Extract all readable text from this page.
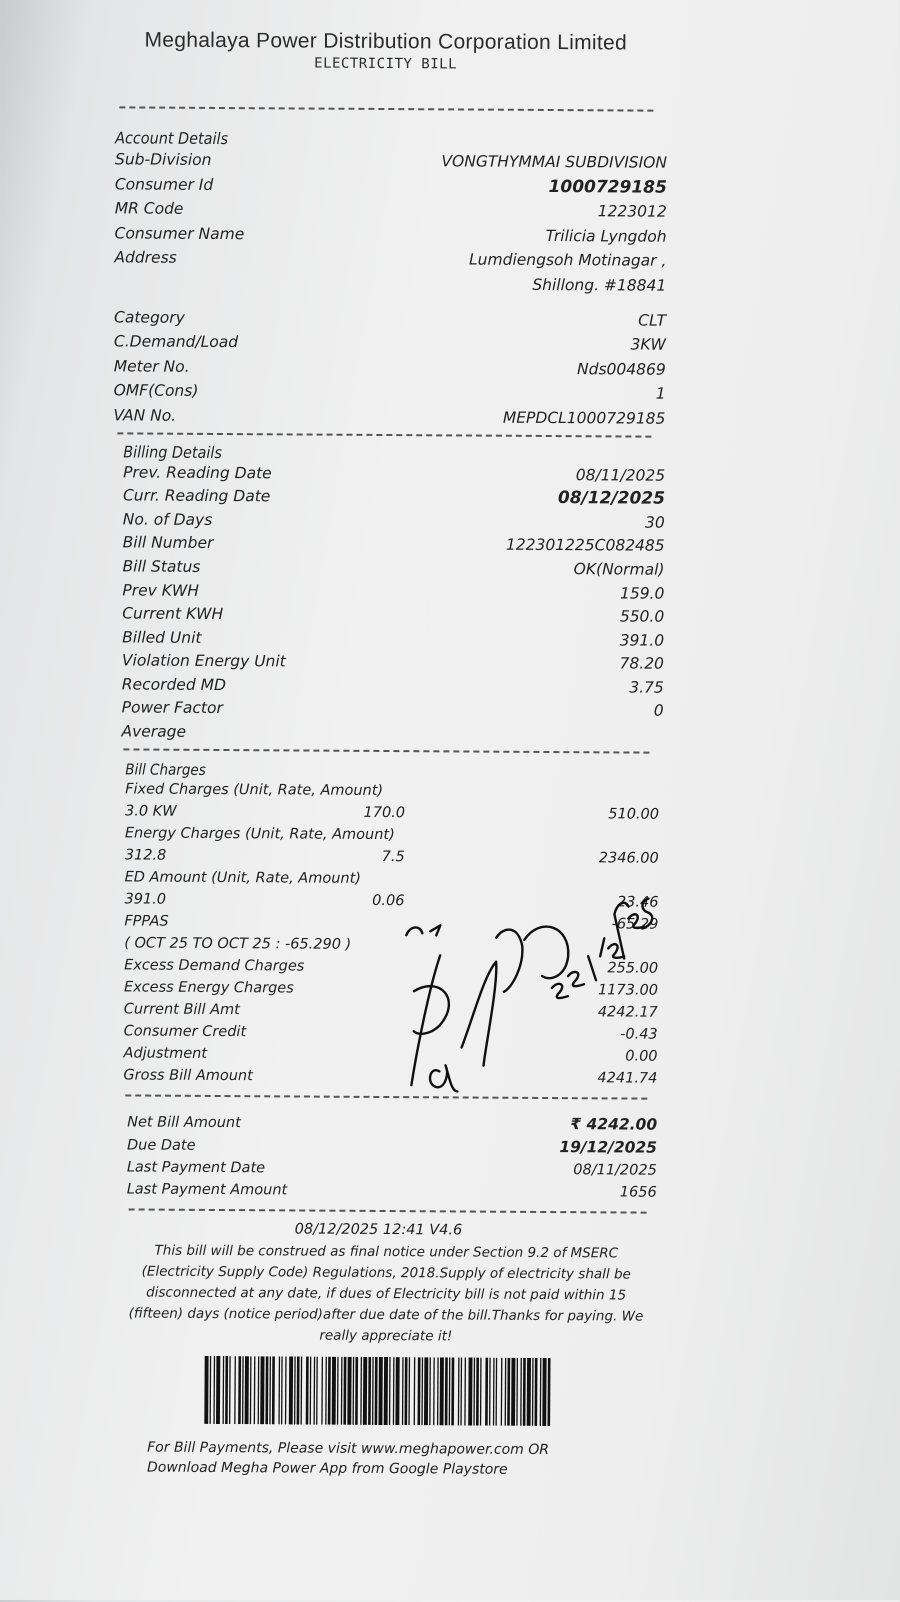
Meghalaya Power Distribution Corporation Limited
ELECTRICITY BILL
Account Details
Sub-Division	VONGTHYMMAI SUBDIVISION
Consumer Id	1000729185
MR Code	1223012
Consumer Name	Trilicia Lyngdoh
Address	Lumdiengsoh Motinagar ,
Shillong. #18841
Category	CLT
C.Demand/Load	3KW
Meter No.	Nds004869
OMF(Cons)	1
VAN No.	MEPDCL1000729185
Billing Details
Prev. Reading Date	08/11/2025
Curr. Reading Date	08/12/2025
No. of Days	30
Bill Number	122301225C082485
Bill Status	OK(Normal)
Prev KWH	159.0
Current KWH	550.0
Billed Unit	391.0
Violation Energy Unit	78.20
Recorded MD	3.75
Power Factor	0
Average
Bill Charges
Fixed Charges (Unit, Rate, Amount)
3.0 KW	170.0	510.00
Energy Charges (Unit, Rate, Amount)
312.8	7.5	2346.00
ED Amount (Unit, Rate, Amount)
391.0	0.06	23.46
FPPAS	-65.29
( OCT 25 TO OCT 25 : -65.290 )
Excess Demand Charges	255.00
Excess Energy Charges	1173.00
Current Bill Amt	4242.17
Consumer Credit	-0.43
Adjustment	0.00
Gross Bill Amount	4241.74
Net Bill Amount	₹ 4242.00
Due Date	19/12/2025
Last Payment Date	08/11/2025
Last Payment Amount	1656
08/12/2025 12:41 V4.6
This bill will be construed as final notice under Section 9.2 of MSERC (Electricity Supply Code) Regulations, 2018.Supply of electricity shall be disconnected at any date, if dues of Electricity bill is not paid within 15 (fifteen) days (notice period)after due date of the bill.Thanks for paying. We really appreciate it!
For Bill Payments, Please visit www.meghapower.com OR
Download Megha Power App from Google Playstore
